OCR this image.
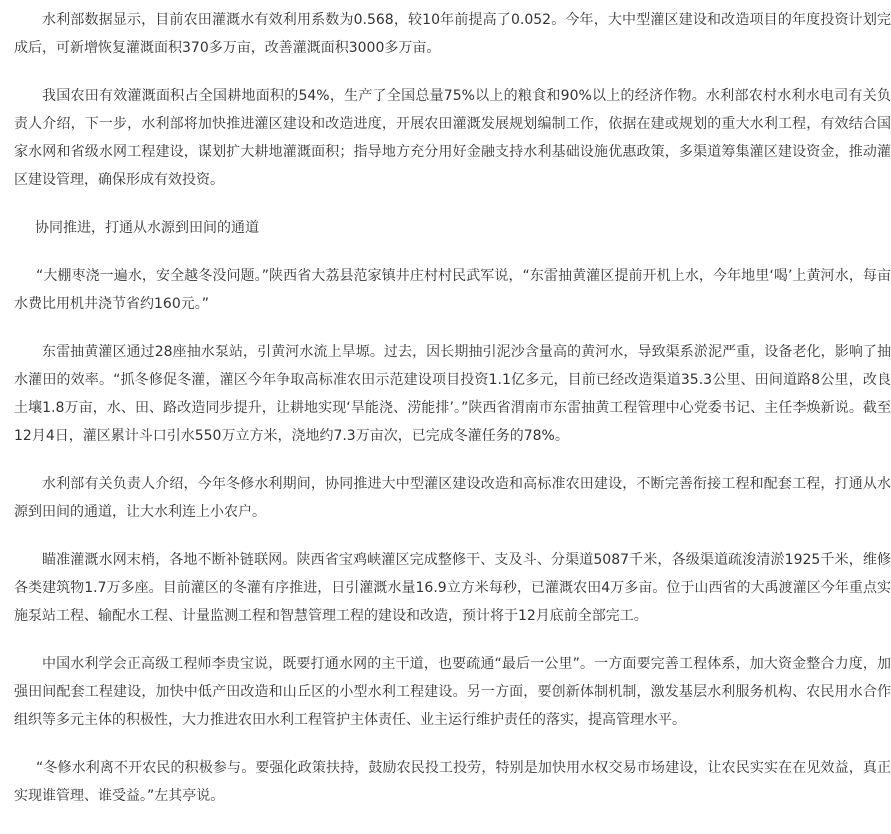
水利部数据显示，目前农田灌溉水有效利用系数为0.568，较10年前提高了0.052。今年，大中型灌区建设和改造项目的年度投资计划完成后，可新增恢复灌溉面积370多万亩，改善灌溉面积3000多万亩。

我国农田有效灌溉面积占全国耕地面积的54%，生产了全国总量75%以上的粮食和90%以上的经济作物。水利部农村水利水电司有关负责人介绍，下一步，水利部将加快推进灌区建设和改造进度，开展农田灌溉发展规划编制工作，依据在建或规划的重大水利工程，有效结合国家水网和省级水网工程建设，谋划扩大耕地灌溉面积；指导地方充分用好金融支持水利基础设施优惠政策，多渠道筹集灌区建设资金，推动灌区建设管理，确保形成有效投资。

协同推进，打通从水源到田间的通道

“大棚枣浇一遍水，安全越冬没问题。”陕西省大荔县范家镇井庄村村民武军说，“东雷抽黄灌区提前开机上水，今年地里‘喝’上黄河水，每亩水费比用机井浇节省约160元。”

东雷抽黄灌区通过28座抽水泵站，引黄河水流上旱塬。过去，因长期抽引泥沙含量高的黄河水，导致渠系淤泥严重，设备老化，影响了抽水灌田的效率。“抓冬修促冬灌，灌区今年争取高标准农田示范建设项目投资1.1亿多元，目前已经改造渠道35.3公里、田间道路8公里，改良土壤1.8万亩，水、田、路改造同步提升，让耕地实现‘旱能浇、涝能排’。”陕西省渭南市东雷抽黄工程管理中心党委书记、主任李焕新说。截至12月4日，灌区累计斗口引水550万立方米，浇地约7.3万亩次，已完成冬灌任务的78%。

水利部有关负责人介绍，今年冬修水利期间，协同推进大中型灌区建设改造和高标准农田建设，不断完善衔接工程和配套工程，打通从水源到田间的通道，让大水利连上小农户。

瞄准灌溉水网末梢，各地不断补链联网。陕西省宝鸡峡灌区完成整修干、支及斗、分渠道5087千米，各级渠道疏浚清淤1925千米，维修各类建筑物1.7万多座。目前灌区的冬灌有序推进，日引灌溉水量16.9立方米每秒，已灌溉农田4万多亩。位于山西省的大禹渡灌区今年重点实施泵站工程、输配水工程、计量监测工程和智慧管理工程的建设和改造，预计将于12月底前全部完工。

中国水利学会正高级工程师李贵宝说，既要打通水网的主干道，也要疏通“最后一公里”。一方面要完善工程体系，加大资金整合力度，加强田间配套工程建设，加快中低产田改造和山丘区的小型水利工程建设。另一方面，要创新体制机制，激发基层水利服务机构、农民用水合作组织等多元主体的积极性，大力推进农田水利工程管护主体责任、业主运行维护责任的落实，提高管理水平。

“冬修水利离不开农民的积极参与。要强化政策扶持，鼓励农民投工投劳，特别是加快用水权交易市场建设，让农民实实在在见效益，真正实现谁管理、谁受益。”左其亭说。
